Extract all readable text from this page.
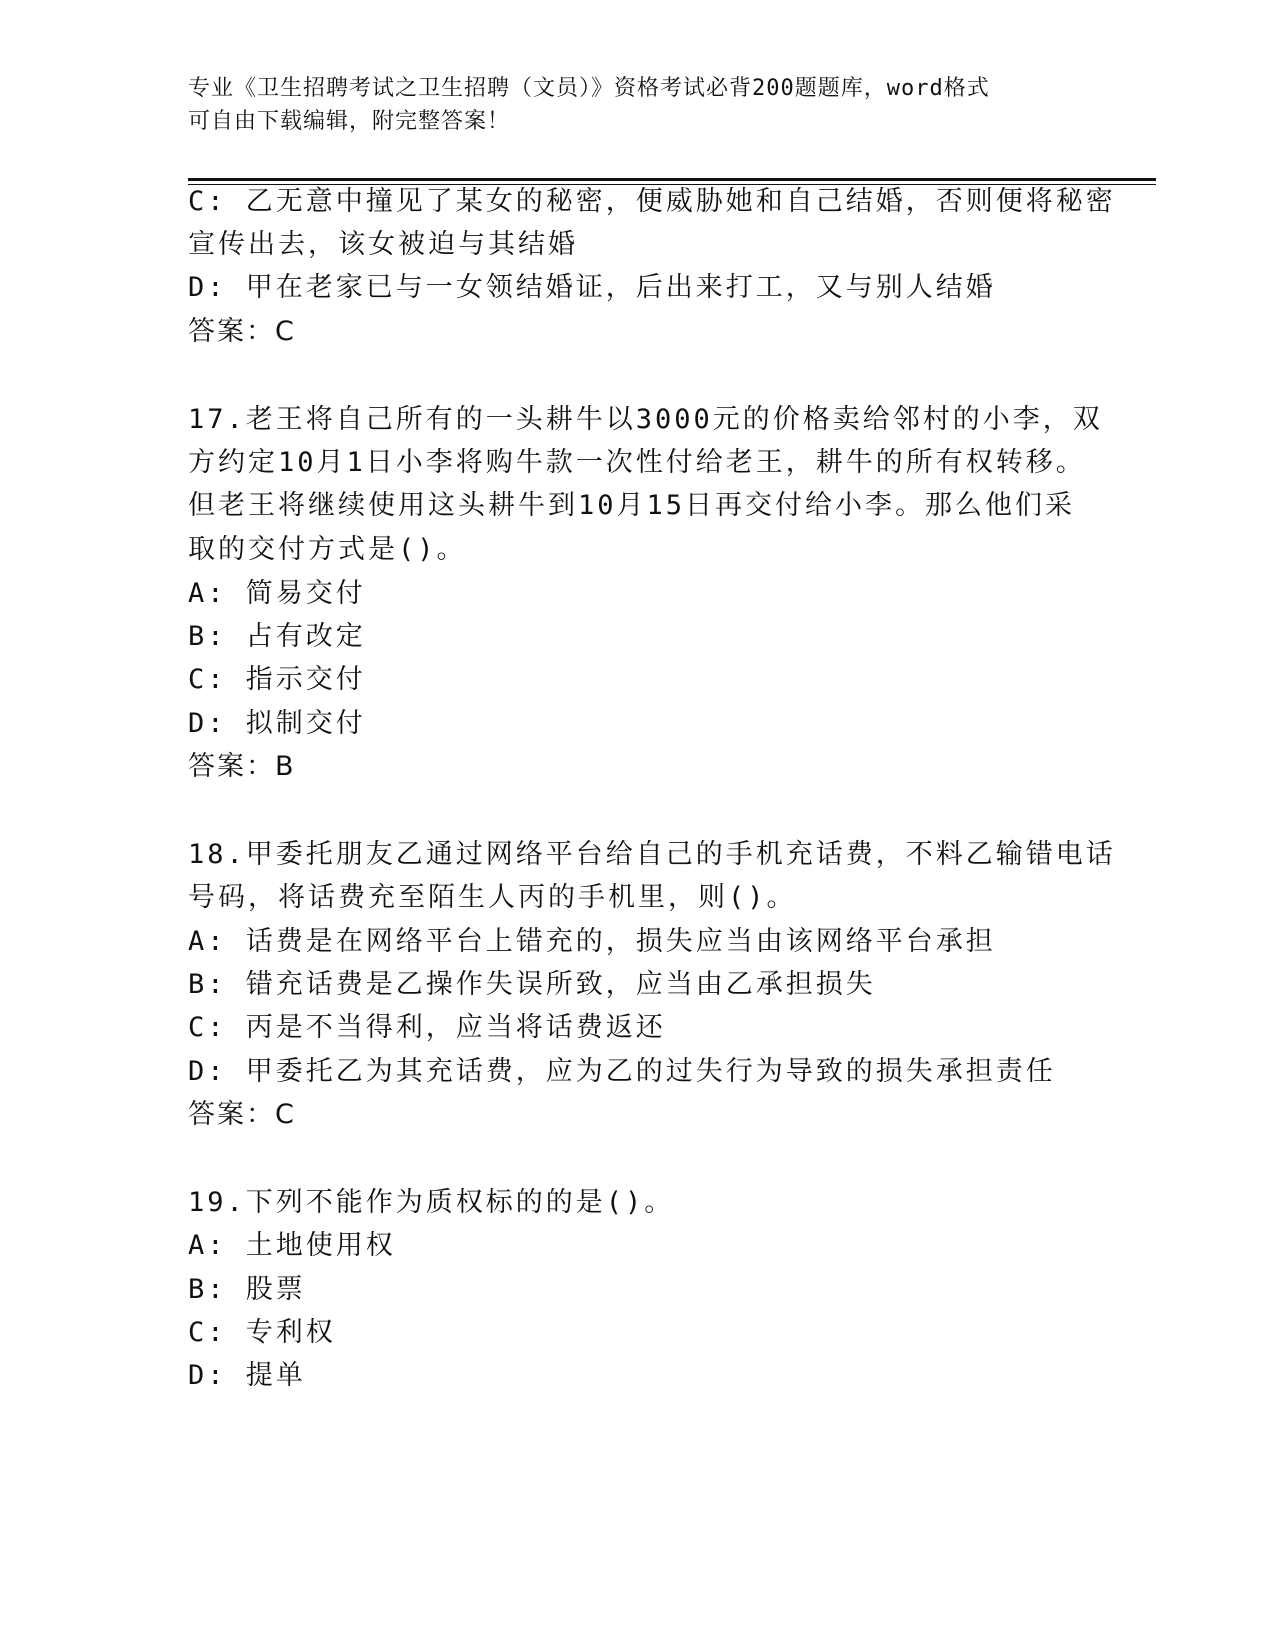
专业《卫生招聘考试之卫生招聘（文员）》资格考试必背200题题库，word格式
可自由下载编辑，附完整答案！
C: 乙无意中撞见了某女的秘密，便威胁她和自己结婚，否则便将秘密
宣传出去，该女被迫与其结婚
D: 甲在老家已与一女领结婚证，后出来打工，又与别人结婚
答案：C
17.老王将自己所有的一头耕牛以3000元的价格卖给邻村的小李，双
方约定10月1日小李将购牛款一次性付给老王，耕牛的所有权转移。
但老王将继续使用这头耕牛到10月15日再交付给小李。那么他们采
取的交付方式是()。
A: 简易交付
B: 占有改定
C: 指示交付
D: 拟制交付
答案：B
18.甲委托朋友乙通过网络平台给自己的手机充话费，不料乙输错电话
号码，将话费充至陌生人丙的手机里，则()。
A: 话费是在网络平台上错充的，损失应当由该网络平台承担
B: 错充话费是乙操作失误所致，应当由乙承担损失
C: 丙是不当得利，应当将话费返还
D: 甲委托乙为其充话费，应为乙的过失行为导致的损失承担责任
答案：C
19.下列不能作为质权标的的是()。
A: 土地使用权
B: 股票
C: 专利权
D: 提单
